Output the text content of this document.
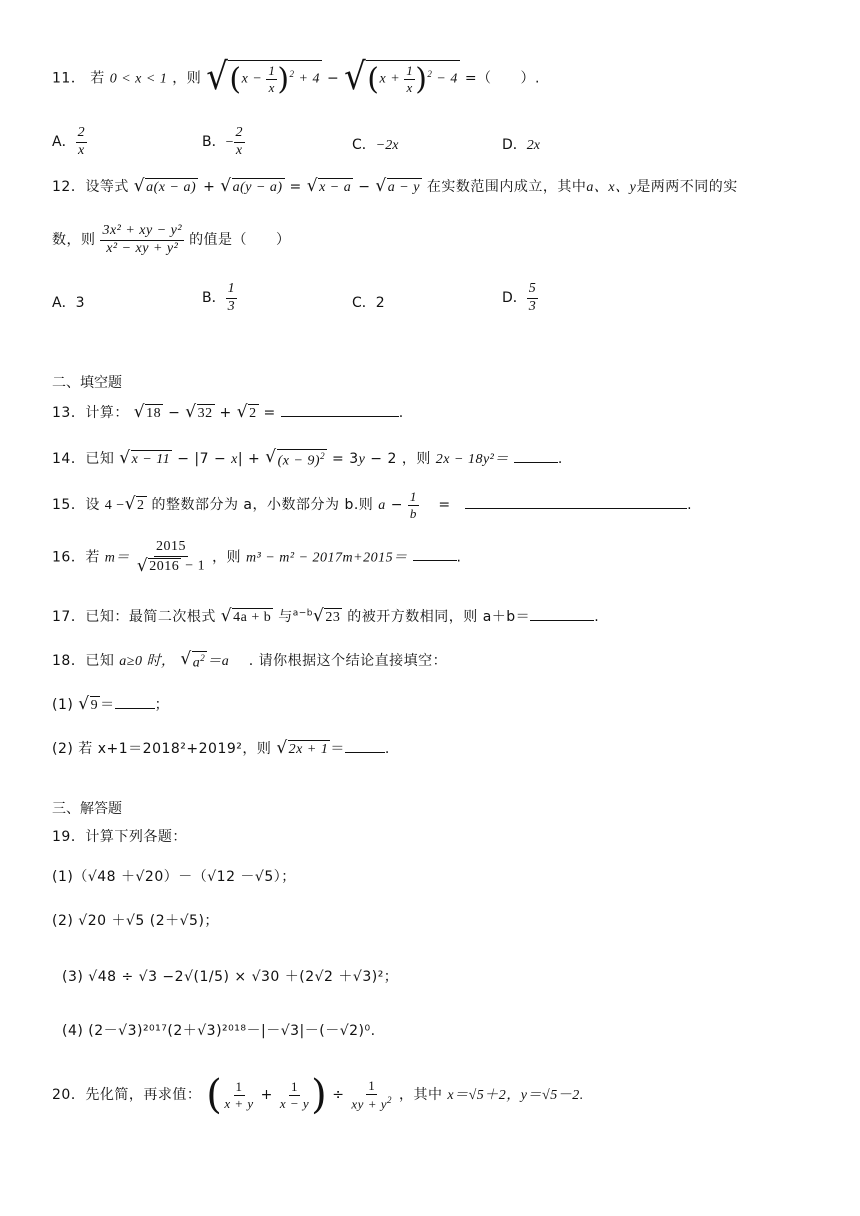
11． 若 0 < x < 1 ，则 √ $(x - \frac{1}{x} )^2 + 4$ − √ $(x + \frac{1}{x} )^2 - 4$ =（　　）.
A． $\frac{2}{x}$	B．− $\frac{2}{x}$	C．−2x	D．2x
12．设等式 √ a(x − a) + √ a(y − a) = √ x − a − √ a − y 在实数范围内成立，其中a、x、y是两两不同的实
数，则 $\frac{\text{3x² + xy − y²}}{\text{x² − xy + y²}}$ 的值是（　　）
A．3	B． $\frac{1}{3}$	C．2	D． $\frac{5}{3}$
二、填空题
13．计算： √ 18 − √ 32 + √ 2 =	.
14．已知 √ x − 11 − |7 − x| + √ $(x - 9)^2 = 3y - 2$ ，则 2x − 18y²＝	.
15．设 4 − √ 2 的整数部分为 a，小数部分为 b.则 $a - \frac{1}{b}$ 　=　	.
16．若 $m= \frac{2015}{√ 2016 - 1}$ ，则 m³ − m² − 2017m+2015＝	.
17．已知：最简二次根式 √ 4a + b 与$^{a-b}$ √ 23 的被开方数相同，则 a＋b＝	.
18．已知 a≥0 时， √ $a^2 =a$ 　 . 请你根据这个结论直接填空：
(1) √ 9 ＝	；
(2) 若 x+1＝2018²+2019²，则 √ 2x + 1 ＝	.
三、解答题
19．计算下列各题：
(1)（√48 ＋√20）－（√12 －√5）；
(2) √20 ＋√5 (2＋√5)；
(3) √48 ÷ √3 −2√(1/5) × √30 ＋(2√2 ＋√3)²；
(4) (2－√3)²⁰¹⁷(2＋√3)²⁰¹⁸－|－√3|－(－√2)⁰.
20．先化简，再求值： ( $\frac{1}{x + y} + \frac{1}{x - y}$ ) ÷ $\frac{1}{xy + y^2}$ ，其中 x＝√5＋2，y＝√5－2.
